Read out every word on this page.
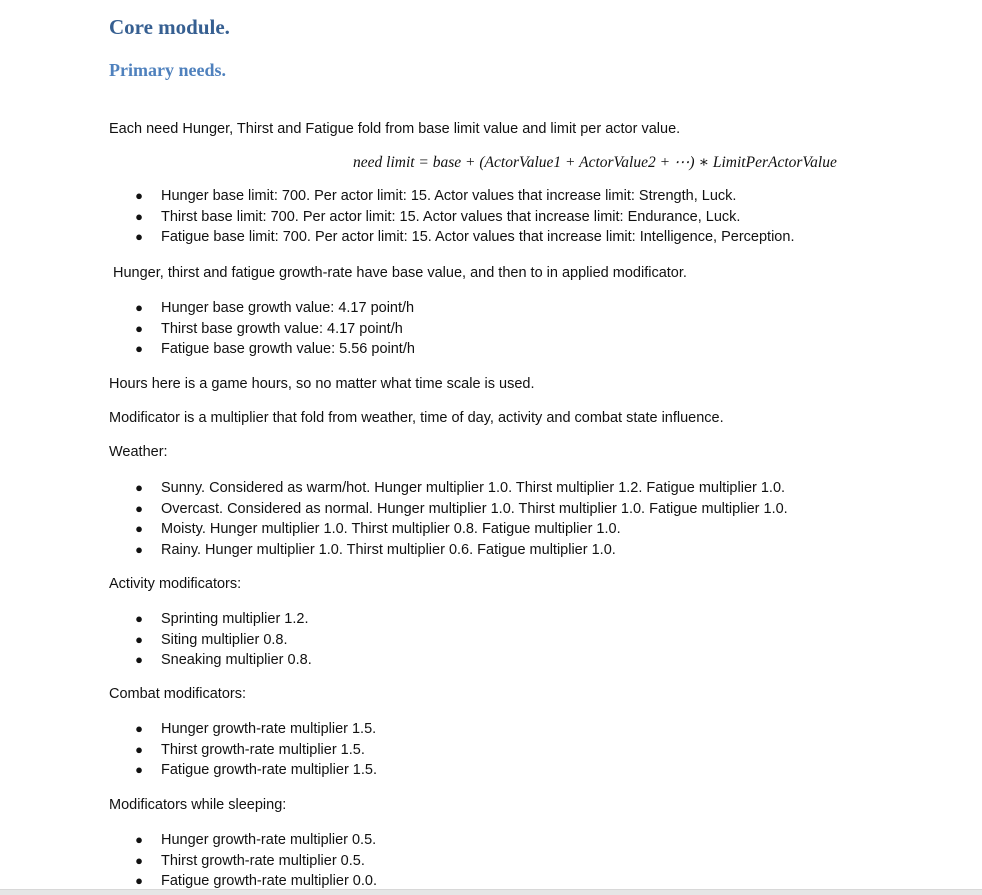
Core module.
Primary needs.
Each need Hunger, Thirst and Fatigue fold from base limit value and limit per actor value.
need limit = base + (ActorValue1 + ActorValue2 + ⋯) ∗ LimitPerActorValue
● Hunger base limit: 700. Per actor limit: 15. Actor values that increase limit: Strength, Luck.
● Thirst base limit: 700. Per actor limit: 15. Actor values that increase limit: Endurance, Luck.
● Fatigue base limit: 700. Per actor limit: 15. Actor values that increase limit: Intelligence, Perception.
Hunger, thirst and fatigue growth-rate have base value, and then to in applied modificator.
● Hunger base growth value: 4.17 point/h
● Thirst base growth value: 4.17 point/h
● Fatigue base growth value: 5.56 point/h
Hours here is a game hours, so no matter what time scale is used.
Modificator is a multiplier that fold from weather, time of day, activity and combat state influence.
Weather:
● Sunny. Considered as warm/hot. Hunger multiplier 1.0. Thirst multiplier 1.2. Fatigue multiplier 1.0.
● Overcast. Considered as normal. Hunger multiplier 1.0. Thirst multiplier 1.0. Fatigue multiplier 1.0.
● Moisty. Hunger multiplier 1.0. Thirst multiplier 0.8. Fatigue multiplier 1.0.
● Rainy. Hunger multiplier 1.0. Thirst multiplier 0.6. Fatigue multiplier 1.0.
Activity modificators:
● Sprinting multiplier 1.2.
● Siting multiplier 0.8.
● Sneaking multiplier 0.8.
Combat modificators:
● Hunger growth-rate multiplier 1.5.
● Thirst growth-rate multiplier 1.5.
● Fatigue growth-rate multiplier 1.5.
Modificators while sleeping:
● Hunger growth-rate multiplier 0.5.
● Thirst growth-rate multiplier 0.5.
● Fatigue growth-rate multiplier 0.0.
